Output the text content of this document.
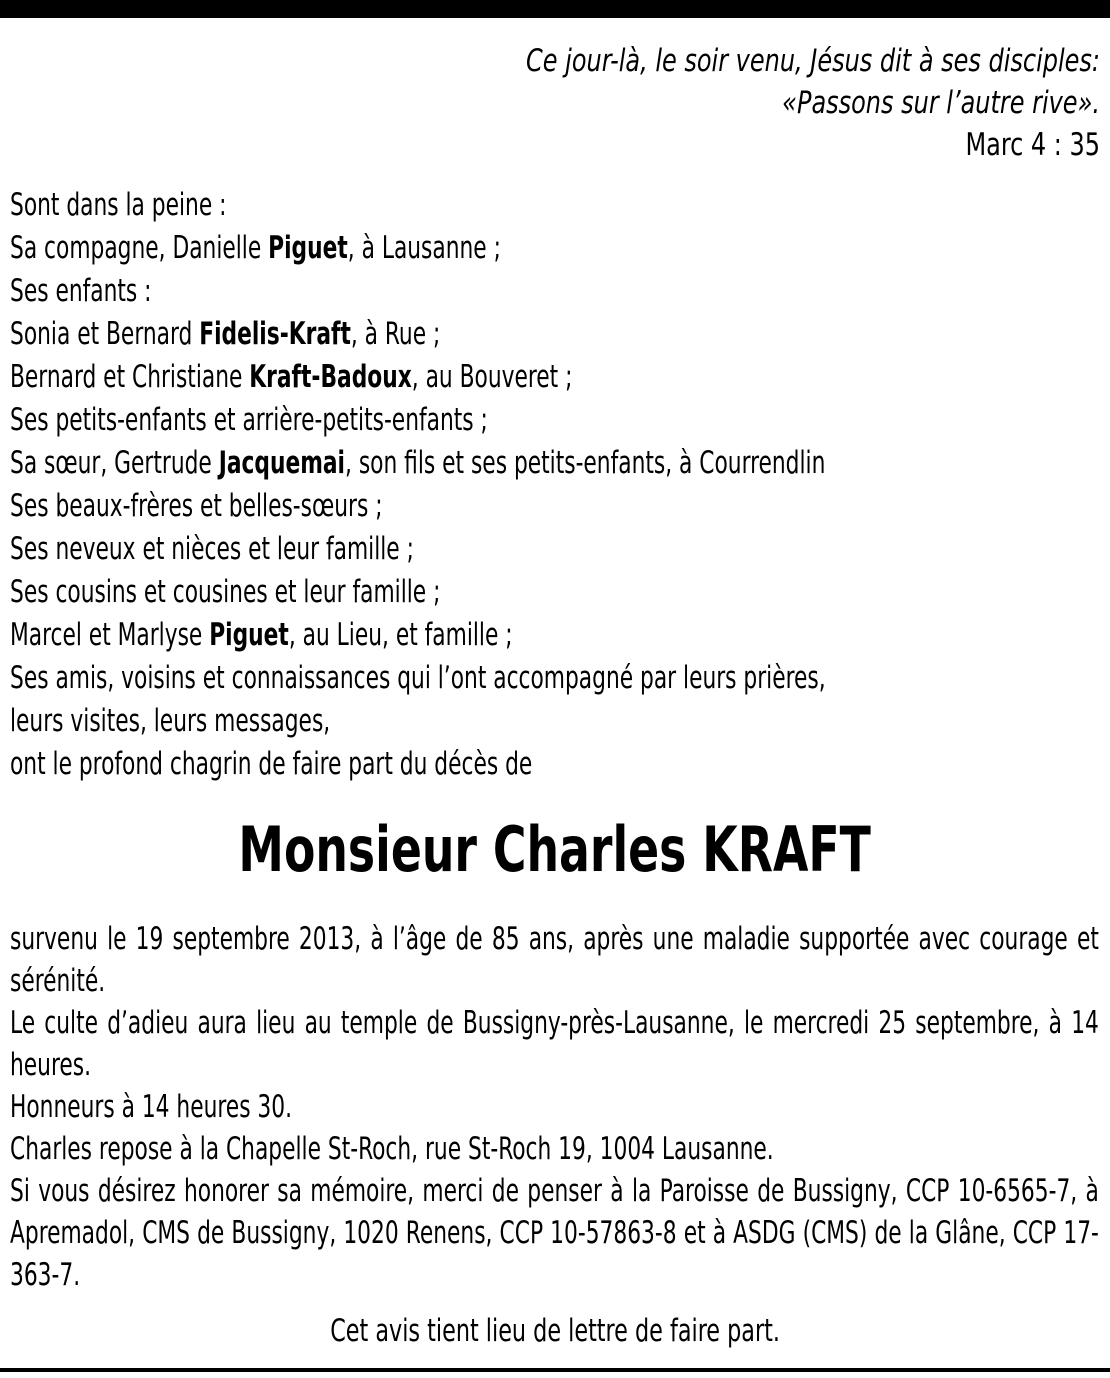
Ce jour-là, le soir venu, Jésus dit à ses disciples:
«Passons sur l’autre rive».
Marc 4 : 35
Sont dans la peine :
Sa compagne, Danielle Piguet, à Lausanne ;
Ses enfants :
Sonia et Bernard Fidelis-Kraft, à Rue ;
Bernard et Christiane Kraft-Badoux, au Bouveret ;
Ses petits-enfants et arrière-petits-enfants ;
Sa sœur, Gertrude Jacquemai, son fils et ses petits-enfants, à Courrendlin
Ses beaux-frères et belles-sœurs ;
Ses neveux et nièces et leur famille ;
Ses cousins et cousines et leur famille ;
Marcel et Marlyse Piguet, au Lieu, et famille ;
Ses amis, voisins et connaissances qui l’ont accompagné par leurs prières,
leurs visites, leurs messages,
ont le profond chagrin de faire part du décès de
Monsieur Charles KRAFT

survenu le 19 septembre 2013, à l’âge de 85 ans, après une maladie supportée avec courage et sérénité.

Le culte d’adieu aura lieu au temple de Bussigny-près-Lausanne, le mercredi 25 septembre, à 14 heures.

Honneurs à 14 heures 30.

Charles repose à la Chapelle St-Roch, rue St-Roch 19, 1004 Lausanne.

Si vous désirez honorer sa mémoire, merci de penser à la Paroisse de Bussigny, CCP 10-6565-7, à Apremadol, CMS de Bussigny, 1020 Renens, CCP 10-57863-8 et à ASDG (CMS) de la Glâne, CCP 17-363-7.

Cet avis tient lieu de lettre de faire part.
